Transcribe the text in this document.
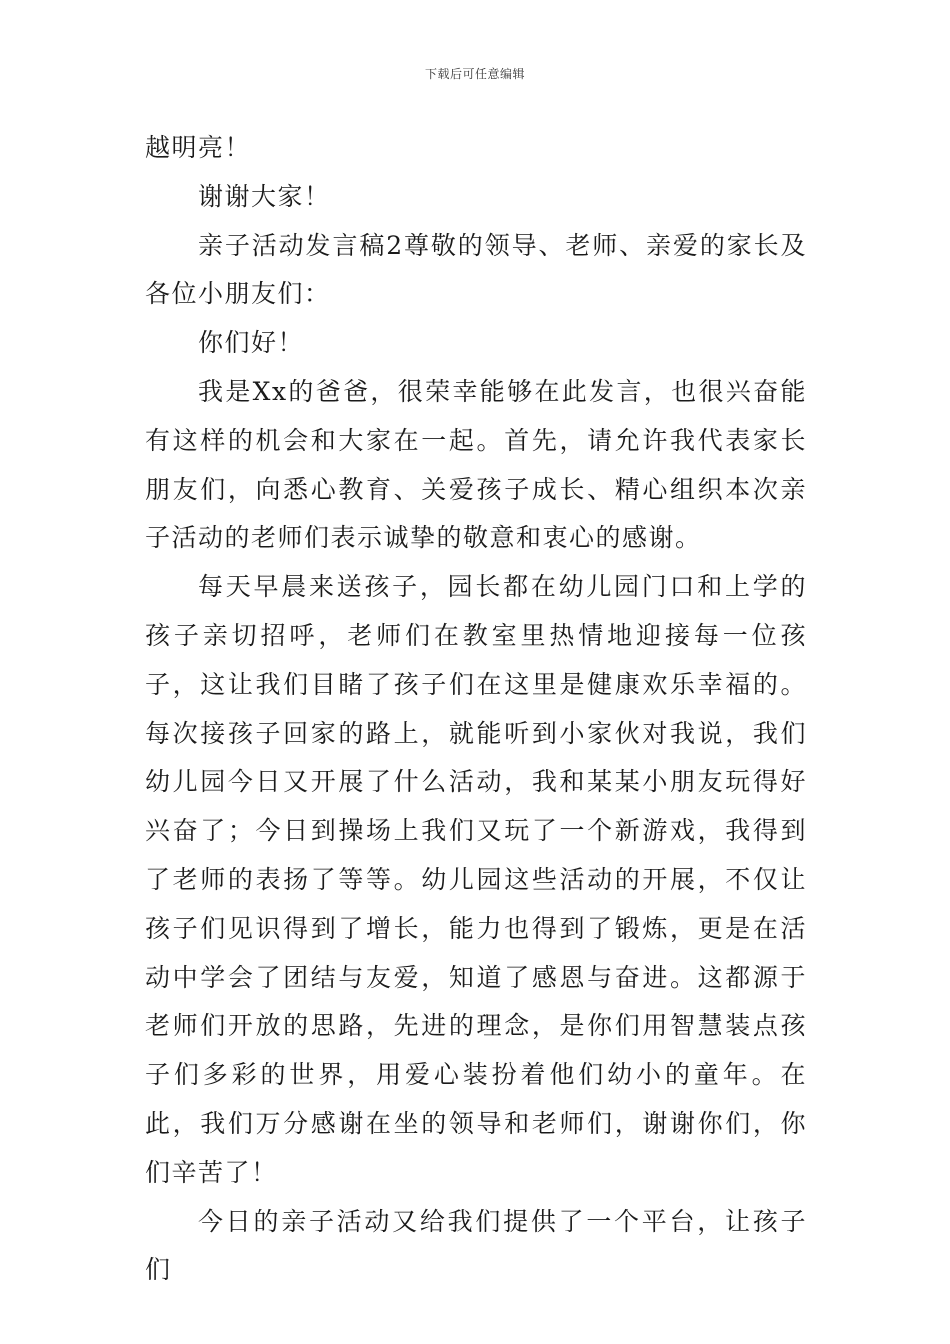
下载后可任意编辑

越明亮！

谢谢大家！

亲子活动发言稿2尊敬的领导、老师、亲爱的家长及各位小朋友们：

你们好！

我是Xx的爸爸，很荣幸能够在此发言，也很兴奋能有这样的机会和大家在一起。首先，请允许我代表家长朋友们，向悉心教育、关爱孩子成长、精心组织本次亲子活动的老师们表示诚挚的敬意和衷心的感谢。

每天早晨来送孩子，园长都在幼儿园门口和上学的孩子亲切招呼，老师们在教室里热情地迎接每一位孩子，这让我们目睹了孩子们在这里是健康欢乐幸福的。每次接孩子回家的路上，就能听到小家伙对我说，我们幼儿园今日又开展了什么活动，我和某某小朋友玩得好兴奋了；今日到操场上我们又玩了一个新游戏，我得到了老师的表扬了等等。幼儿园这些活动的开展，不仅让孩子们见识得到了增长，能力也得到了锻炼，更是在活动中学会了团结与友爱，知道了感恩与奋进。这都源于老师们开放的思路，先进的理念，是你们用智慧装点孩子们多彩的世界，用爱心装扮着他们幼小的童年。在此，我们万分感谢在坐的领导和老师们，谢谢你们，你们辛苦了！

今日的亲子活动又给我们提供了一个平台，让孩子们
